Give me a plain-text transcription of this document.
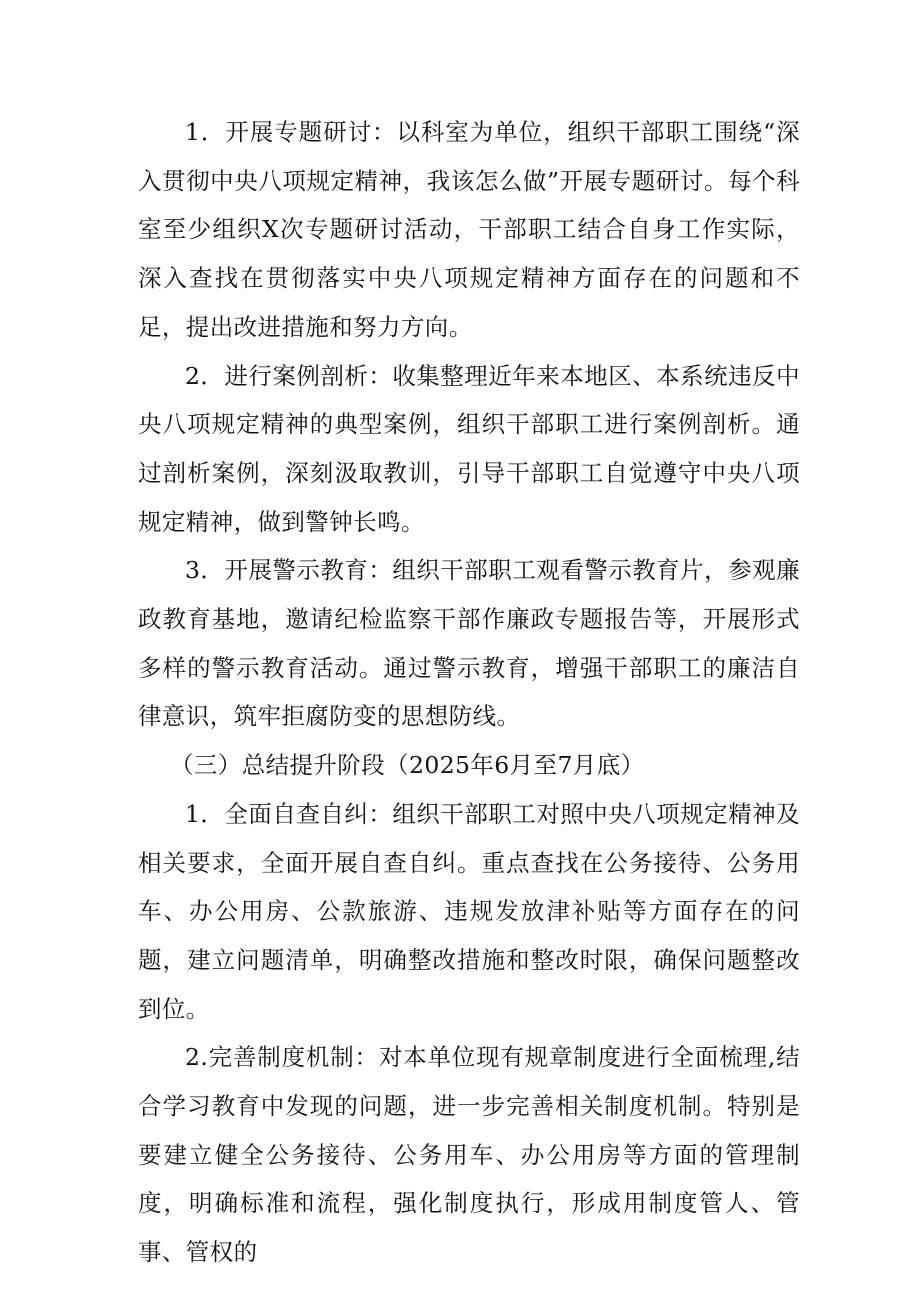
1．开展专题研讨：以科室为单位，组织干部职工围绕“深入贯彻中央八项规定精神，我该怎么做”开展专题研讨。每个科室至少组织X次专题研讨活动，干部职工结合自身工作实际，深入查找在贯彻落实中央八项规定精神方面存在的问题和不足，提出改进措施和努力方向。

2．进行案例剖析：收集整理近年来本地区、本系统违反中央八项规定精神的典型案例，组织干部职工进行案例剖析。通过剖析案例，深刻汲取教训，引导干部职工自觉遵守中央八项规定精神，做到警钟长鸣。

3．开展警示教育：组织干部职工观看警示教育片，参观廉政教育基地，邀请纪检监察干部作廉政专题报告等，开展形式多样的警示教育活动。通过警示教育，增强干部职工的廉洁自律意识，筑牢拒腐防变的思想防线。

（三）总结提升阶段（2025年6月至7月底）

1．全面自查自纠：组织干部职工对照中央八项规定精神及相关要求，全面开展自查自纠。重点查找在公务接待、公务用车、办公用房、公款旅游、违规发放津补贴等方面存在的问题，建立问题清单，明确整改措施和整改时限，确保问题整改到位。

2.完善制度机制：对本单位现有规章制度进行全面梳理,结合学习教育中发现的问题，进一步完善相关制度机制。特别是要建立健全公务接待、公务用车、办公用房等方面的管理制度，明确标准和流程，强化制度执行，形成用制度管人、管事、管权的
